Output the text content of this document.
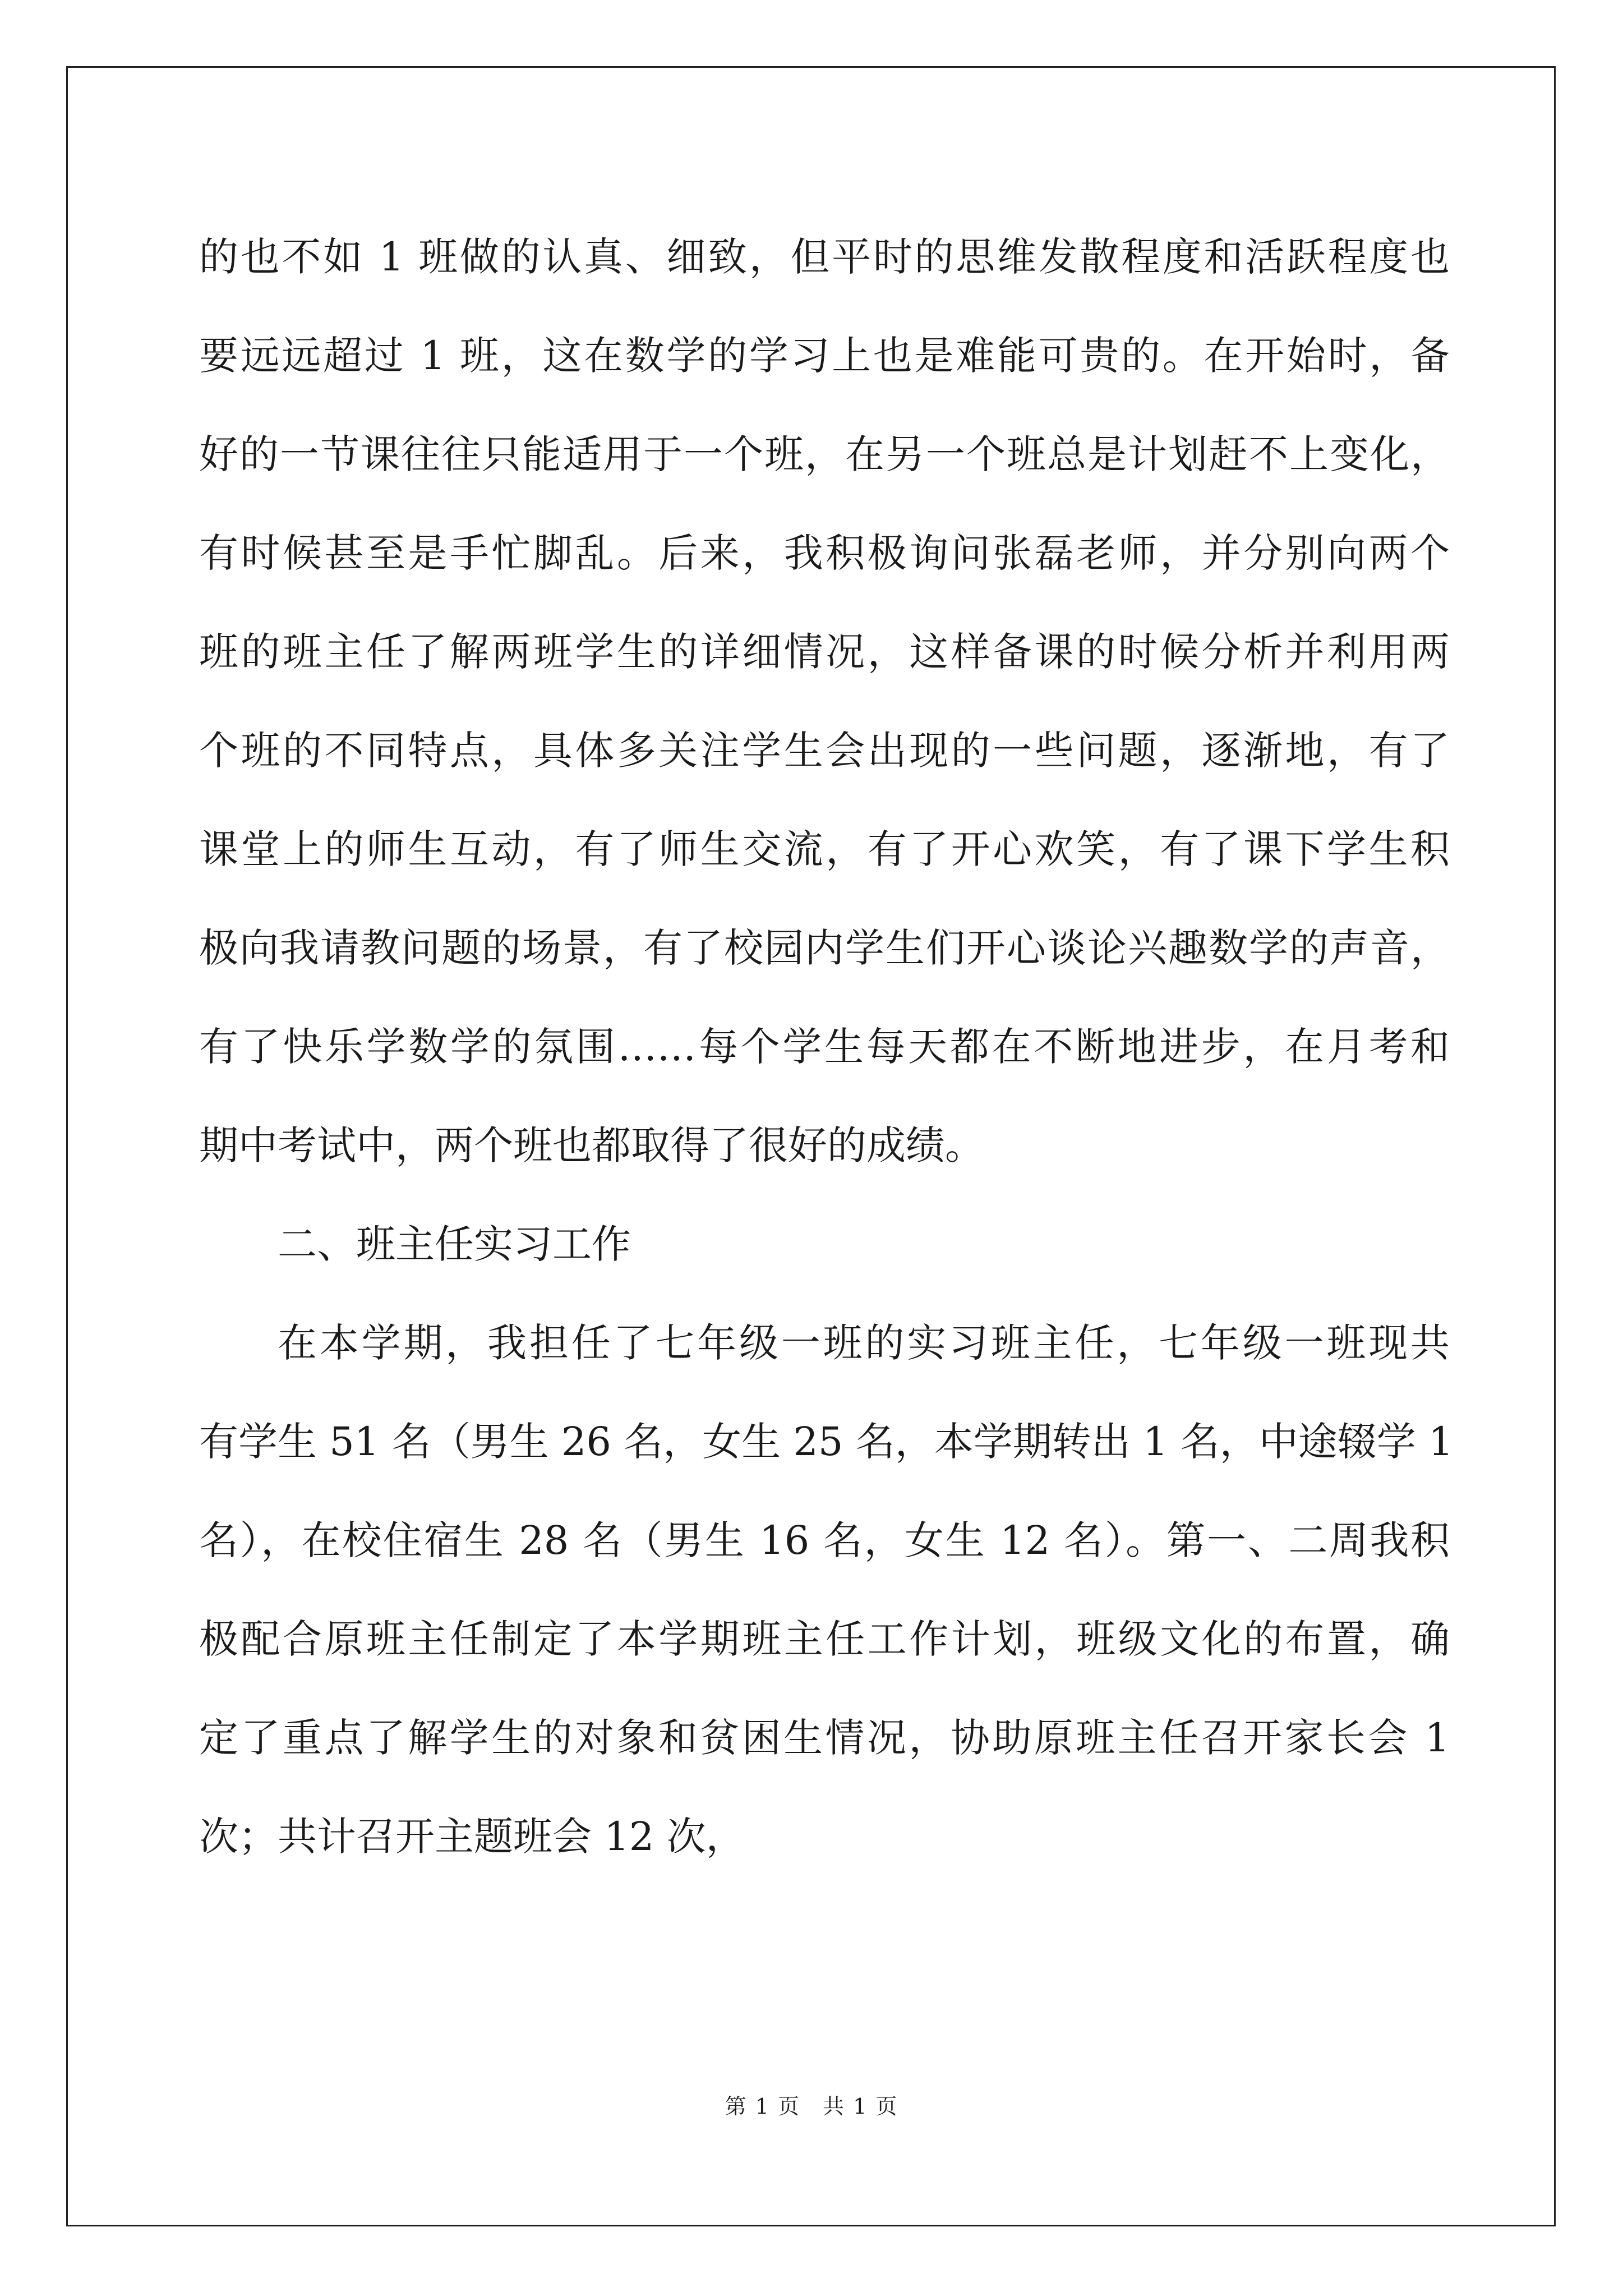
的也不如 1 班做的认真、细致，但平时的思维发散程度和活跃程度也

要远远超过 1 班，这在数学的学习上也是难能可贵的。在开始时，备

好的一节课往往只能适用于一个班，在另一个班总是计划赶不上变化，

有时候甚至是手忙脚乱。后来，我积极询问张磊老师，并分别向两个

班的班主任了解两班学生的详细情况，这样备课的时候分析并利用两

个班的不同特点，具体多关注学生会出现的一些问题，逐渐地，有了

课堂上的师生互动，有了师生交流，有了开心欢笑，有了课下学生积

极向我请教问题的场景，有了校园内学生们开心谈论兴趣数学的声音，

有了快乐学数学的氛围……每个学生每天都在不断地进步，在月考和

期中考试中，两个班也都取得了很好的成绩。

二、班主任实习工作

在本学期，我担任了七年级一班的实习班主任，七年级一班现共

有学生 51 名（男生 26 名，女生 25 名，本学期转出 1 名，中途辍学 1

名），在校住宿生 28 名（男生 16 名，女生 12 名）。第一、二周我积

极配合原班主任制定了本学期班主任工作计划，班级文化的布置，确

定了重点了解学生的对象和贫困生情况，协助原班主任召开家长会 1

次；共计召开主题班会 12 次，

第 1 页　共 1 页
